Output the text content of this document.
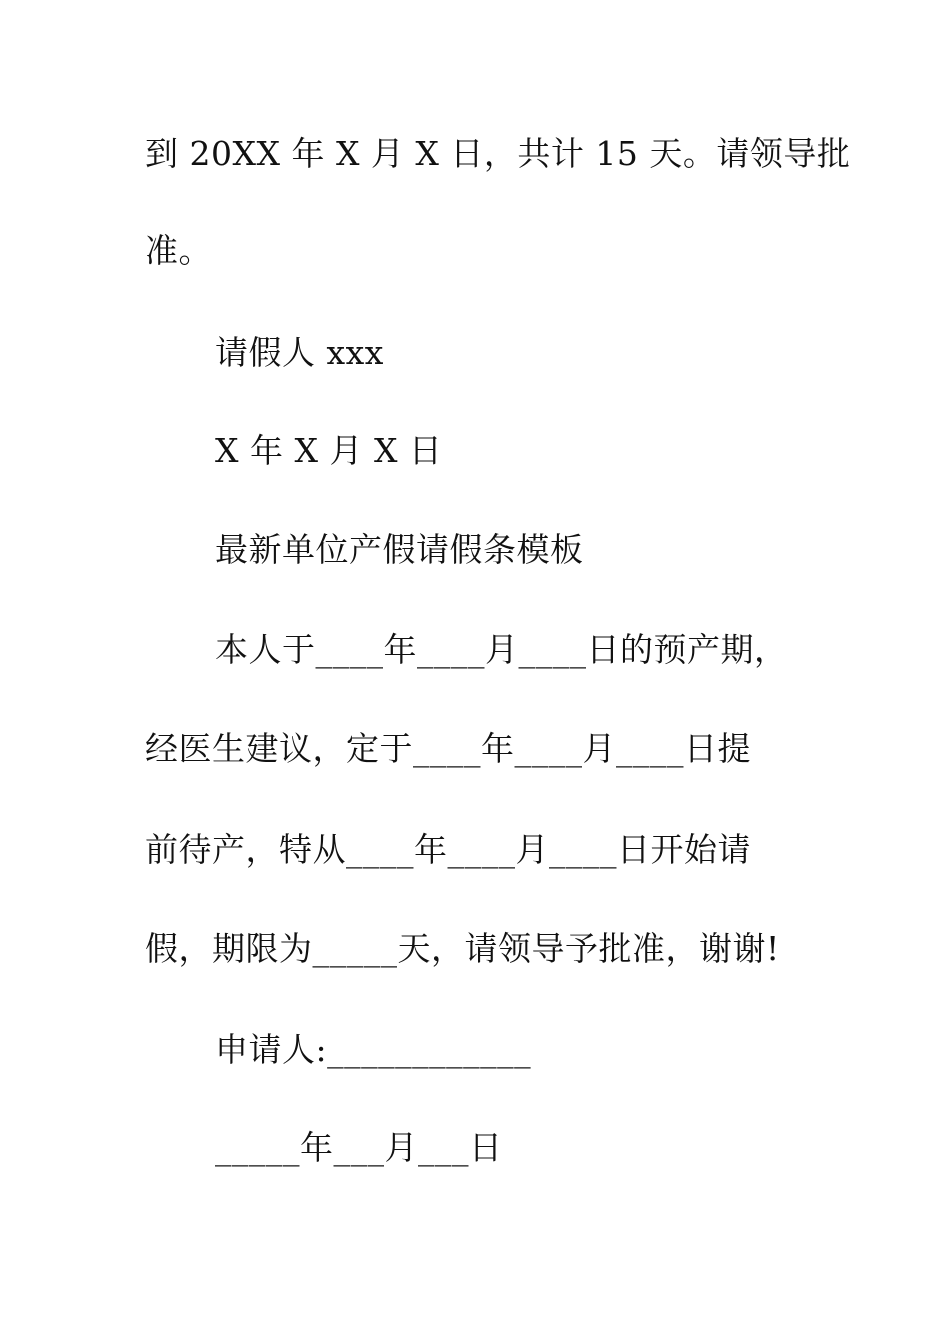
到 20XX 年 X 月 X 日，共计 15 天。请领导批
准。
请假人 xxx
X 年 X 月 X 日
最新单位产假请假条模板
本人于____年____月____日的预产期，
经医生建议，定于____年____月____日提
前待产，特从____年____月____日开始请
假，期限为_____天，请领导予批准，谢谢!
申请人:____________
_____年___月___日
